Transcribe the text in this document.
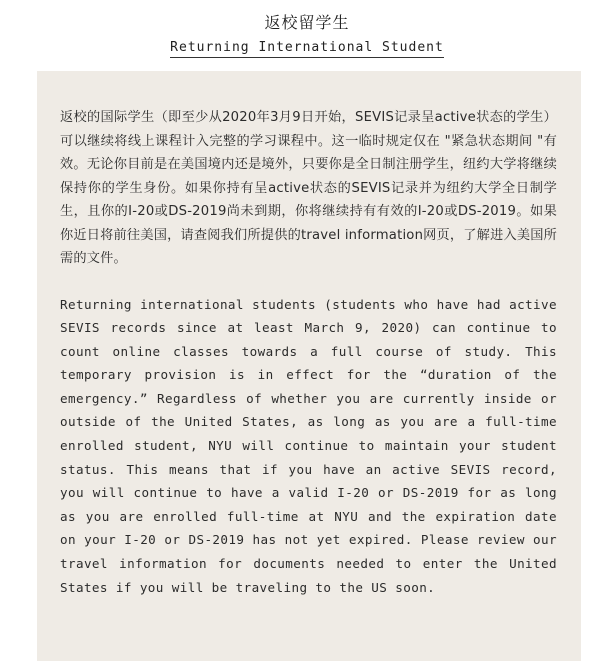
返校留学生
Returning International Student

返校的国际学生（即至少从2020年3月9日开始，SEVIS记录呈active状态的学生）可以继续将线上课程计入完整的学习课程中。这一临时规定仅在 "紧急状态期间 "有效。无论你目前是在美国境内还是境外，只要你是全日制注册学生，纽约大学将继续保持你的学生身份。如果你持有呈active状态的SEVIS记录并为纽约大学全日制学生，且你的I-20或DS-2019尚未到期，你将继续持有有效的I-20或DS-2019。如果你近日将前往美国，请查阅我们所提供的travel information网页，了解进入美国所需的文件。

Returning international students (students who have had active SEVIS records since at least March 9, 2020) can continue to count online classes towards a full course of study. This temporary provision is in effect for the “duration of the emergency.” Regardless of whether you are currently inside or outside of the United States, as long as you are a full-time enrolled student, NYU will continue to maintain your student status. This means that if you have an active SEVIS record, you will continue to have a valid I-20 or DS-2019 for as long as you are enrolled full-time at NYU and the expiration date on your I-20 or DS-2019 has not yet expired. Please review our travel information for documents needed to enter the United States if you will be traveling to the US soon.
